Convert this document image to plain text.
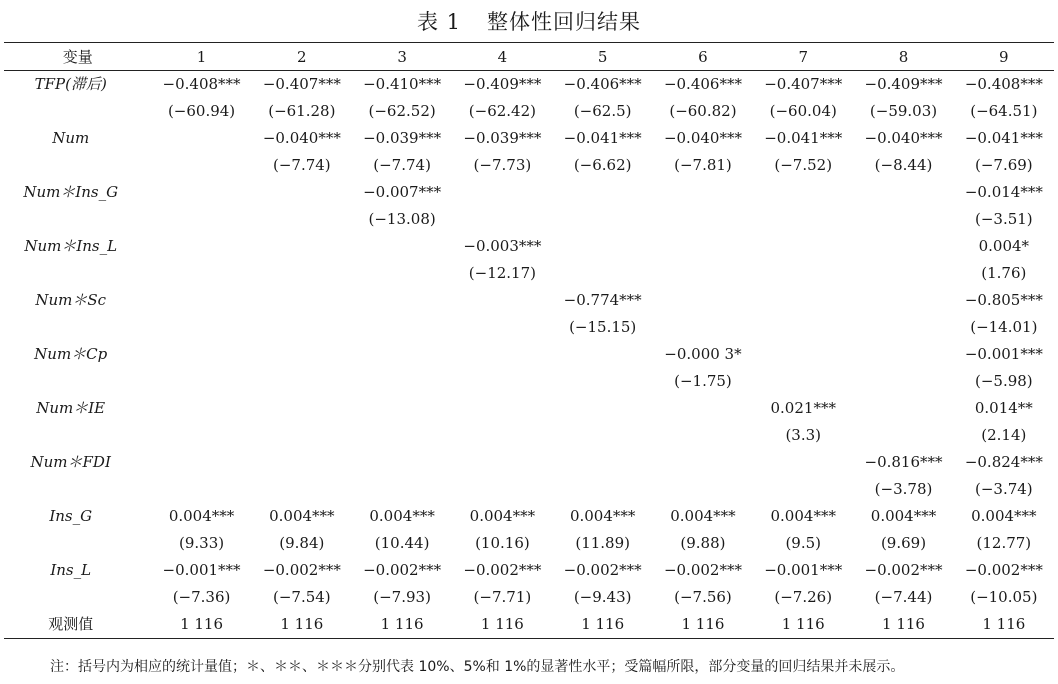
表 1 整体性回归结果
变量	1	2	3	4	5	6	7	8	9
TFP(滞后)	−0.408***	−0.407***	−0.410***	−0.409***	−0.406***	−0.406***	−0.407***	−0.409***	−0.408***
	(−60.94)	(−61.28)	(−62.52)	(−62.42)	(−62.5)	(−60.82)	(−60.04)	(−59.03)	(−64.51)
Num		−0.040***	−0.039***	−0.039***	−0.041***	−0.040***	−0.041***	−0.040***	−0.041***
		(−7.74)	(−7.74)	(−7.73)	(−6.62)	(−7.81)	(−7.52)	(−8.44)	(−7.69)
Num＊Ins_G			−0.007***						−0.014***
			(−13.08)						(−3.51)
Num＊Ins_L				−0.003***					0.004*
				(−12.17)					(1.76)
Num＊Sc					−0.774***				−0.805***
					(−15.15)				(−14.01)
Num＊Cp						−0.000 3*			−0.001***
						(−1.75)			(−5.98)
Num＊IE							0.021***		0.014**
							(3.3)		(2.14)
Num＊FDI								−0.816***	−0.824***
								(−3.78)	(−3.74)
Ins_G	0.004***	0.004***	0.004***	0.004***	0.004***	0.004***	0.004***	0.004***	0.004***
	(9.33)	(9.84)	(10.44)	(10.16)	(11.89)	(9.88)	(9.5)	(9.69)	(12.77)
Ins_L	−0.001***	−0.002***	−0.002***	−0.002***	−0.002***	−0.002***	−0.001***	−0.002***	−0.002***
	(−7.36)	(−7.54)	(−7.93)	(−7.71)	(−9.43)	(−7.56)	(−7.26)	(−7.44)	(−10.05)
观测值	1 116	1 116	1 116	1 116	1 116	1 116	1 116	1 116	1 116
注：括号内为相应的统计量值；＊、＊＊、＊＊＊分别代表 10%、5%和 1%的显著性水平；受篇幅所限，部分变量的回归结果并未展示。
